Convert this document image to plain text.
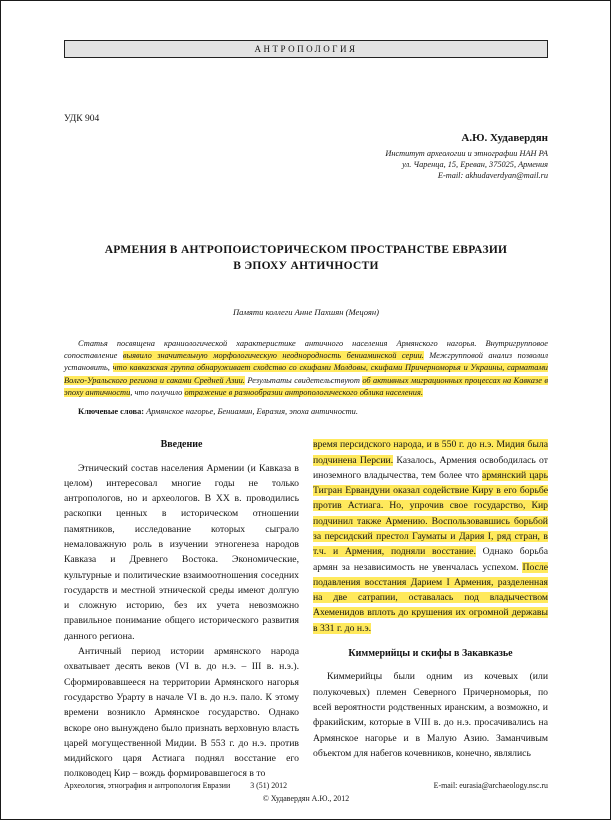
АНТРОПОЛОГИЯ
УДК 904
А.Ю. Худавердян
Институт археологии и этнографии НАН РА
ул. Чаренца, 15, Ереван, 375025, Армения
E-mail: akhudaverdyan@mail.ru
АРМЕНИЯ В АНТРОПОИСТОРИЧЕСКОМ ПРОСТРАНСТВЕ ЕВРАЗИИ
В ЭПОХУ АНТИЧНОСТИ
Памяти коллеги Анне Пахшян (Мецоян)

Статья посвящена краниологической характеристике античного населения Армянского нагорья. Внутригрупповое сопоставление выявило значительную морфологическую неоднородность бениаминской серии. Межгрупповой анализ позволил установить, что кавказская группа обнаруживает сходство со скифами Молдовы, скифами Причерноморья и Украины, сарматами Волго-Уральского региона и саками Средней Азии. Результаты свидетельствуют об активных миграционных процессах на Кавказе в эпоху античности, что получило отражение в разнообразии антропологического облика населения.

Ключевые слова: Армянское нагорье, Бениамин, Евразия, эпоха античности.

Введение

Этнический состав населения Армении (и Кавказа в целом) интересовал многие годы не только антропологов, но и археологов. В XX в. проводились раскопки ценных в историческом отношении памятников, исследование которых сыграло немаловажную роль в изучении этногенеза народов Кавказа и Древнего Востока. Экономические, культурные и политические взаимоотношения соседних государств и местной этнической среды имеют долгую и сложную историю, без их учета невозможно правильное понимание общего исторического развития данного региона.

Античный период истории армянского народа охватывает десять веков (VI в. до н.э. – III в. н.э.). Сформировавшееся на территории Армянского нагорья государство Урарту в начале VI в. до н.э. пало. К этому времени возникло Армянское государство. Однако вскоре оно вынуждено было признать верховную власть царей могущественной Мидии. В 553 г. до н.э. против мидийского царя Астиага поднял восстание его полководец Кир – вождь формировавшегося в то

время персидского народа, и в 550 г. до н.э. Мидия была подчинена Персии. Казалось, Армения освободилась от иноземного владычества, тем более что армянский царь Тигран Ервандуни оказал содействие Киру в его борьбе против Астиага. Но, упрочив свое государство, Кир подчинил также Армению. Воспользовавшись борьбой за персидский престол Гауматы и Дария I, ряд стран, в т.ч. и Армения, подняли восстание. Однако борьба армян за независимость не увенчалась успехом. После подавления восстания Дарием I Армения, разделенная на две сатрапии, оставалась под владычеством Ахеменидов вплоть до крушения их огромной державы в 331 г. до н.э.

Киммерийцы и скифы в Закавказье

Киммерийцы были одним из кочевых (или полукочевых) племен Северного Причерноморья, по всей вероятности родственных иранским, а возможно, и фракийским, которые в VIII в. до н.э. просачивались на Армянское нагорье и в Малую Азию. Заманчивым объектом для набегов кочевников, конечно, являлись

Археология, этнография и антропология Евразии	3 (51) 2012	E-mail: eurasia@archaeology.nsc.ru
© Худавердян А.Ю., 2012
